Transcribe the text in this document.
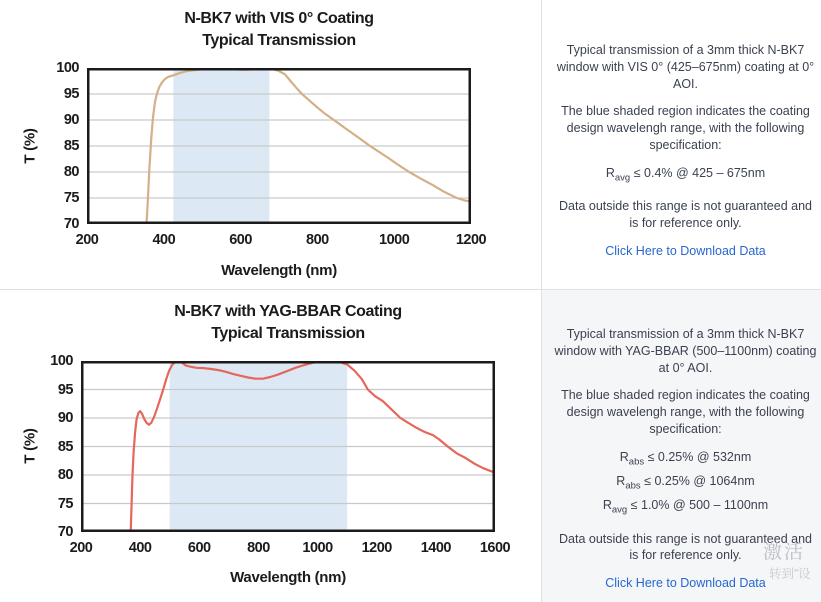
N-BK7 with VIS 0° Coating
Typical Transmission
T (%)
Wavelength (nm)
100
95
90
85
80
75
70
200	400	600	800	1000	1200

Typical transmission of a 3mm thick N-BK7 window with VIS 0° (425–675nm) coating at 0° AOI.

The blue shaded region indicates the coating design wavelengh range, with the following specification:

$R_{avg} \le 0.4\%$ @ 425 – 675nm

Data outside this range is not guaranteed and is for reference only.

Click Here to Download Data
N-BK7 with YAG-BBAR Coating
Typical Transmission
T (%)
Wavelength (nm)
100
95
90
85
80
75
70
200	400	600	800	1000	1200	1400	1600

Typical transmission of a 3mm thick N-BK7 window with YAG-BBAR (500–1100nm) coating at 0° AOI.

The blue shaded region indicates the coating design wavelengh range, with the following specification:

$R_{abs} \le 0.25\%$ @ 532nm
$R_{abs} \le 0.25\%$ @ 1064nm
$R_{avg} \le 1.0\%$ @ 500 – 1100nm

Data outside this range is not guaranteed and is for reference only.

Click Here to Download Data
激活
转到”设
